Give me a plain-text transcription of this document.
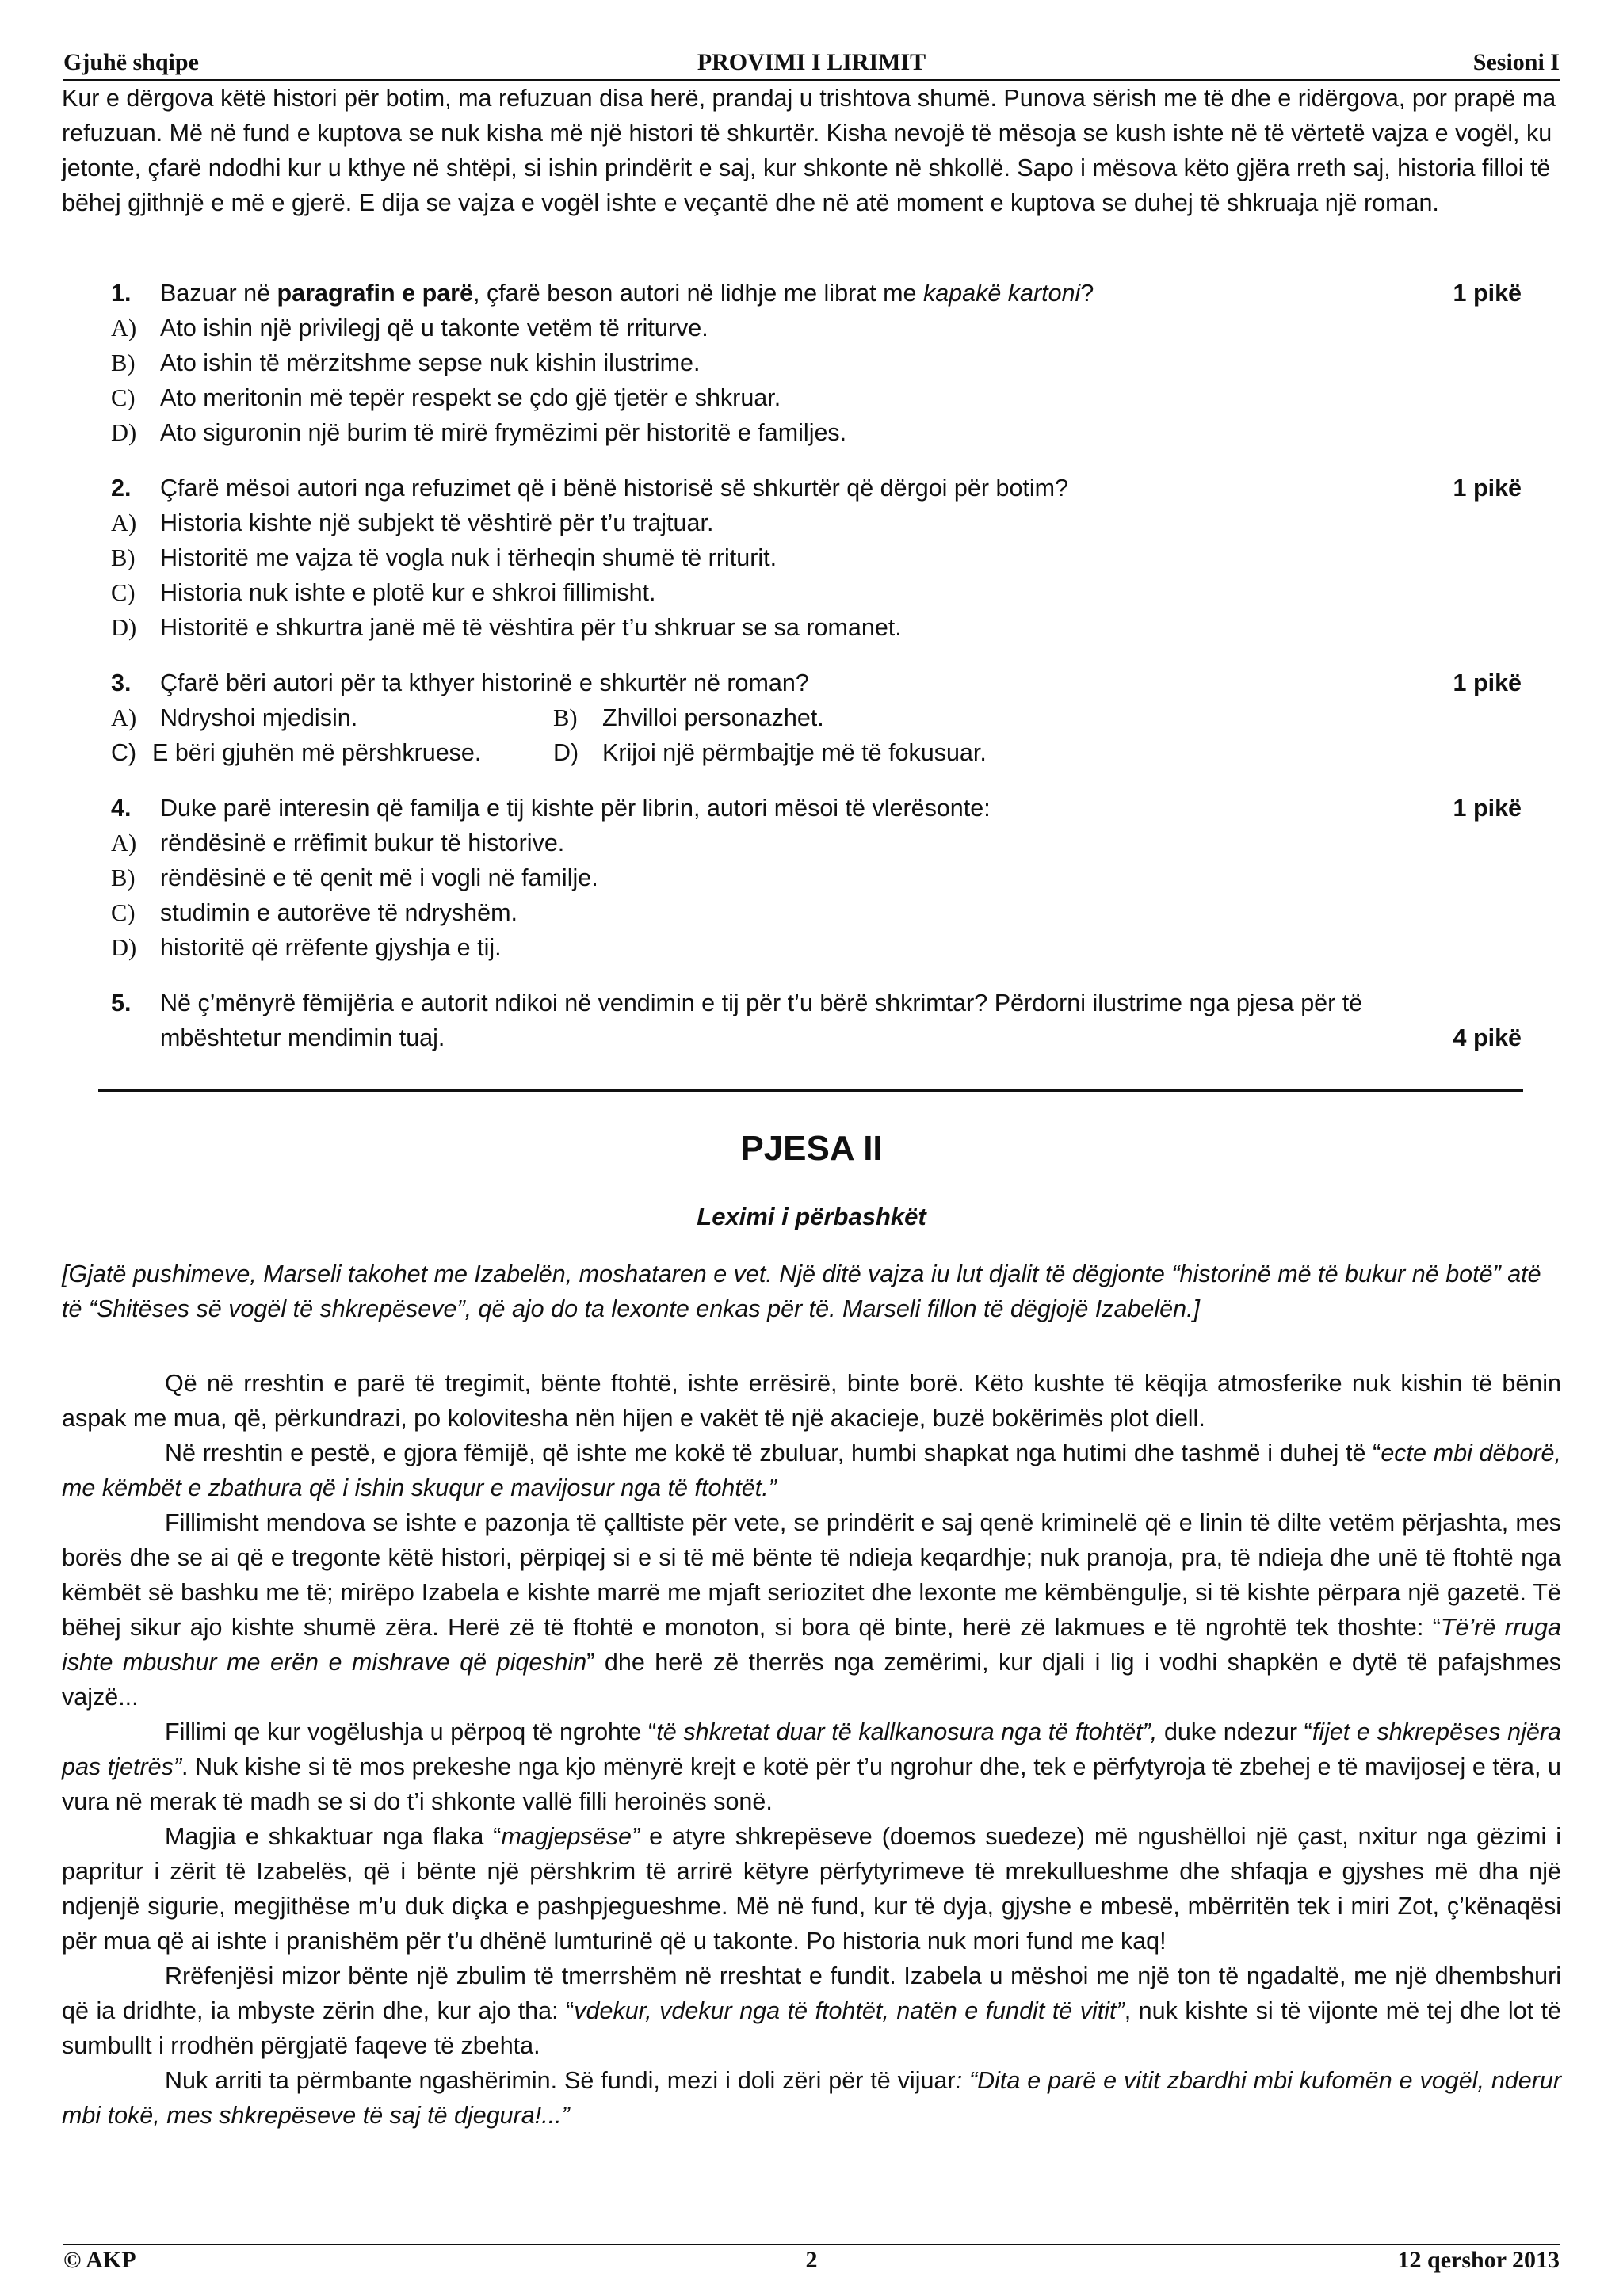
Gjuhë shqipe	PROVIMI I LIRIMIT	Sesioni I
Kur e dërgova këtë histori për botim, ma refuzuan disa herë, prandaj u trishtova shumë. Punova sërish me të dhe e ridërgova, por prapë ma refuzuan. Më në fund e kuptova se nuk kisha më një histori të shkurtër. Kisha nevojë të mësoja se kush ishte në të vërtetë vajza e vogël, ku jetonte, çfarë ndodhi kur u kthye në shtëpi, si ishin prindërit e saj, kur shkonte në shkollë. Sapo i mësova këto gjëra rreth saj, historia filloi të bëhej gjithnjë e më e gjerë. E dija se vajza e vogël ishte e veçantë dhe në atë moment e kuptova se duhej të shkruaja një roman.
1. Bazuar në paragrafin e parë, çfarë beson autori në lidhje me librat me kapakë kartoni?	1 pikë
A) Ato ishin një privilegj që u takonte vetëm të rriturve.
B) Ato ishin të mërzitshme sepse nuk kishin ilustrime.
C) Ato meritonin më tepër respekt se çdo gjë tjetër e shkruar.
D) Ato siguronin një burim të mirë frymëzimi për historitë e familjes.
2. Çfarë mësoi autori nga refuzimet që i bënë historisë së shkurtër që dërgoi për botim?	1 pikë
A) Historia kishte një subjekt të vështirë për t’u trajtuar.
B) Historitë me vajza të vogla nuk i tërheqin shumë të rriturit.
C) Historia nuk ishte e plotë kur e shkroi fillimisht.
D) Historitë e shkurtra janë më të vështira për t’u shkruar se sa romanet.
3. Çfarë bëri autori për ta kthyer historinë e shkurtër në roman?	1 pikë
A) Ndryshoi mjedisin.	B) Zhvilloi personazhet.
C) E bëri gjuhën më përshkruese.	D) Krijoi një përmbajtje më të fokusuar.
4. Duke parë interesin që familja e tij kishte për librin, autori mësoi të vlerësonte:	1 pikë
A) rëndësinë e rrëfimit bukur të historive.
B) rëndësinë e të qenit më i vogli në familje.
C) studimin e autorëve të ndryshëm.
D) historitë që rrëfente gjyshja e tij.
5. Në ç’mënyrë fëmijëria e autorit ndikoi në vendimin e tij për t’u bërë shkrimtar? Përdorni ilustrime nga pjesa për të mbështetur mendimin tuaj.	4 pikë
PJESA II
Leximi i përbashkët
[Gjatë pushimeve, Marseli takohet me Izabelën, moshataren e vet. Një ditë vajza iu lut djalit të dëgjonte “historinë më të bukur në botë” atë të “Shitëses së vogël të shkrepëseve”, që ajo do ta lexonte enkas për të. Marseli fillon të dëgjojë Izabelën.]

Që në rreshtin e parë të tregimit, bënte ftohtë, ishte errësirë, binte borë. Këto kushte të këqija atmosferike nuk kishin të bënin aspak me mua, që, përkundrazi, po kolovitesha nën hijen e vakët të një akacieje, buzë bokërimës plot diell.

Në rreshtin e pestë, e gjora fëmijë, që ishte me kokë të zbuluar, humbi shapkat nga hutimi dhe tashmë i duhej të “ecte mbi dëborë, me këmbët e zbathura që i ishin skuqur e mavijosur nga të ftohtët.”

Fillimisht mendova se ishte e pazonja të çalltiste për vete, se prindërit e saj qenë kriminelë që e linin të dilte vetëm përjashta, mes borës dhe se ai që e tregonte këtë histori, përpiqej si e si të më bënte të ndieja keqardhje; nuk pranoja, pra, të ndieja dhe unë të ftohtë nga këmbët së bashku me të; mirëpo Izabela e kishte marrë me mjaft seriozitet dhe lexonte me këmbëngulje, si të kishte përpara një gazetë. Të bëhej sikur ajo kishte shumë zëra. Herë zë të ftohtë e monoton, si bora që binte, herë zë lakmues e të ngrohtë tek thoshte: “Të’rë rruga ishte mbushur me erën e mishrave që piqeshin” dhe herë zë therrës nga zemërimi, kur djali i lig i vodhi shapkën e dytë të pafajshmes vajzë...

Fillimi qe kur vogëlushja u përpoq të ngrohte “të shkretat duar të kallkanosura nga të ftohtët”, duke ndezur “fijet e shkrepëses njëra pas tjetrës”. Nuk kishe si të mos prekeshe nga kjo mënyrë krejt e kotë për t’u ngrohur dhe, tek e përfytyroja të zbehej e të mavijosej e tëra, u vura në merak të madh se si do t’i shkonte vallë filli heroinës sonë.

Magjia e shkaktuar nga flaka “magjepsëse” e atyre shkrepëseve (doemos suedeze) më ngushëlloi një çast, nxitur nga gëzimi i papritur i zërit të Izabelës, që i bënte një përshkrim të arrirë këtyre përfytyrimeve të mrekullueshme dhe shfaqja e gjyshes më dha një ndjenjë sigurie, megjithëse m’u duk diçka e pashpjegueshme. Më në fund, kur të dyja, gjyshe e mbesë, mbërritën tek i miri Zot, ç’kënaqësi për mua që ai ishte i pranishëm për t’u dhënë lumturinë që u takonte. Po historia nuk mori fund me kaq!

Rrëfenjësi mizor bënte një zbulim të tmerrshëm në rreshtat e fundit. Izabela u mëshoi me një ton të ngadaltë, me një dhembshuri që ia dridhte, ia mbyste zërin dhe, kur ajo tha: “vdekur, vdekur nga të ftohtët, natën e fundit të vitit”, nuk kishte si të vijonte më tej dhe lot të sumbullt i rrodhën përgjatë faqeve të zbehta.

Nuk arriti ta përmbante ngashërimin. Së fundi, mezi i doli zëri për të vijuar: “Dita e parë e vitit zbardhi mbi kufomën e vogël, nderur mbi tokë, mes shkrepëseve të saj të djegura!...”

© AKP	2	12 qershor 2013
